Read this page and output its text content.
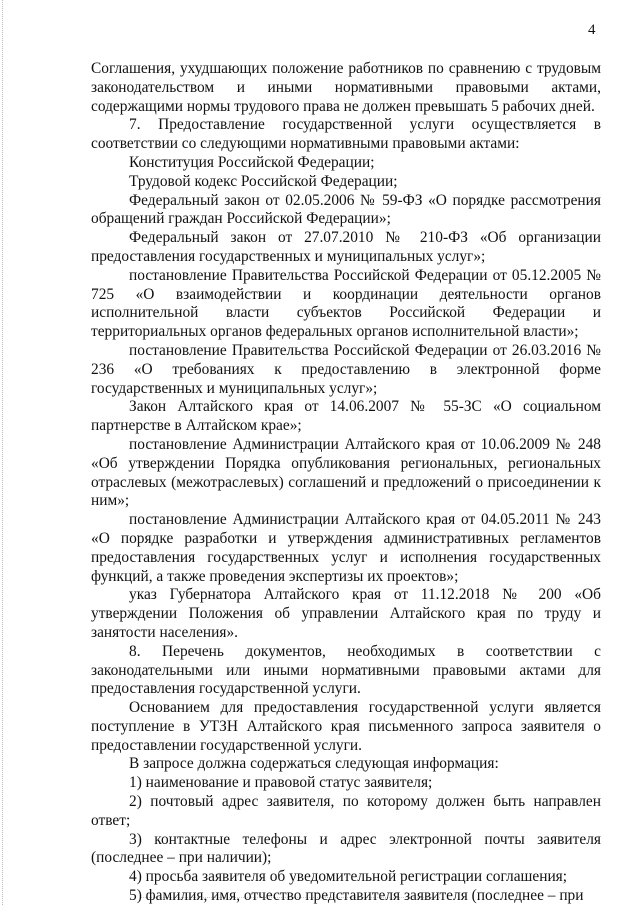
4

Соглашения, ухудшающих положение работников по сравнению с трудовым законодательством и иными нормативными правовыми актами, содержащими нормы трудового права не должен превышать 5 рабочих дней.

7. Предоставление государственной услуги осуществляется в соответствии со следующими нормативными правовыми актами:

Конституция Российской Федерации;

Трудовой кодекс Российской Федерации;

Федеральный закон от 02.05.2006 № 59-ФЗ «О порядке рассмотрения обращений граждан Российской Федерации»;

Федеральный закон от 27.07.2010 № 210-ФЗ «Об организации предоставления государственных и муниципальных услуг»;

постановление Правительства Российской Федерации от 05.12.2005 № 725 «О взаимодействии и координации деятельности органов исполнительной власти субъектов Российской Федерации и территориальных органов федеральных органов исполнительной власти»;

постановление Правительства Российской Федерации от 26.03.2016 № 236 «О требованиях к предоставлению в электронной форме государственных и муниципальных услуг»;

Закон Алтайского края от 14.06.2007 № 55-ЗС «О социальном партнерстве в Алтайском крае»;

постановление Администрации Алтайского края от 10.06.2009 № 248 «Об утверждении Порядка опубликования региональных, региональных отраслевых (межотраслевых) соглашений и предложений о присоединении к ним»;

постановление Администрации Алтайского края от 04.05.2011 № 243 «О порядке разработки и утверждения административных регламентов предоставления государственных услуг и исполнения государственных функций, а также проведения экспертизы их проектов»;

указ Губернатора Алтайского края от 11.12.2018 № 200 «Об утверждении Положения об управлении Алтайского края по труду и занятости населения».

8. Перечень документов, необходимых в соответствии с законодательными или иными нормативными правовыми актами для предоставления государственной услуги.

Основанием для предоставления государственной услуги является поступление в УТЗН Алтайского края письменного запроса заявителя о предоставлении государственной услуги.

В запросе должна содержаться следующая информация:

1) наименование и правовой статус заявителя;

2) почтовый адрес заявителя, по которому должен быть направлен ответ;

3) контактные телефоны и адрес электронной почты заявителя (последнее – при наличии);

4) просьба заявителя об уведомительной регистрации соглашения;

5) фамилия, имя, отчество представителя заявителя (последнее – при
